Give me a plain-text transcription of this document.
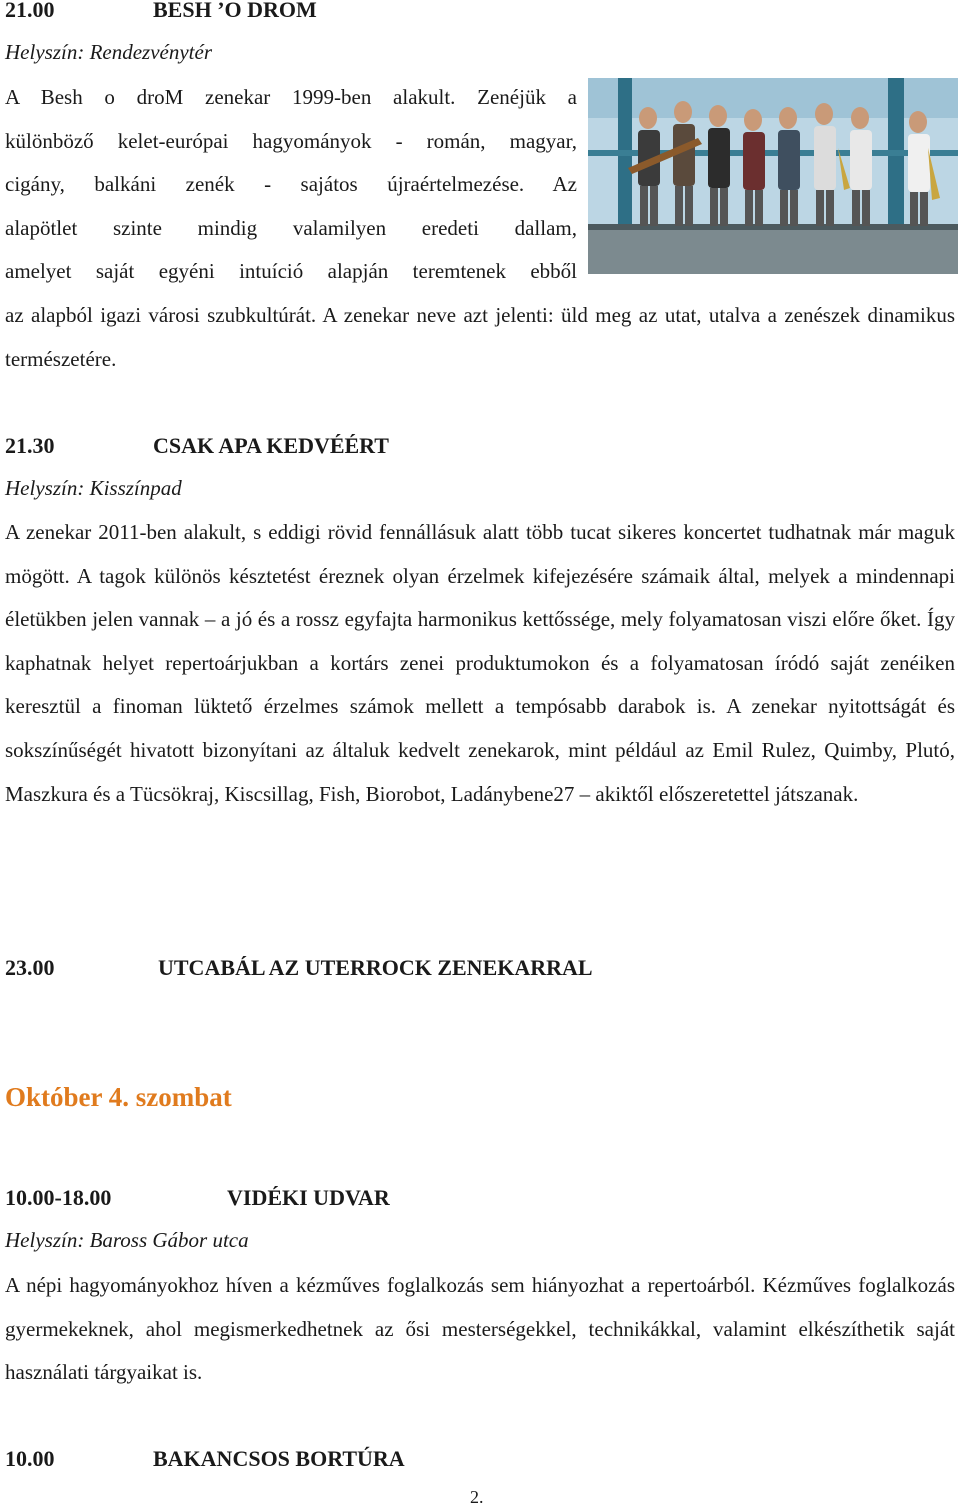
21.00	BESH ’O DROM
Helyszín: Rendezvénytér

A Besh o droM zenekar 1999-ben alakult. Zenéjük a

különböző kelet-európai hagyományok - román, magyar,

cigány, balkáni zenék - sajátos újraértelmezése. Az

alapötlet szinte mindig valamilyen eredeti dallam,

amelyet saját egyéni intuíció alapján teremtenek ebből

az alapból igazi városi szubkultúrát. A zenekar neve azt jelenti: üld meg az utat, utalva a zenészek dinamikus természetére.

21.30	CSAK APA KEDVÉÉRT
Helyszín: Kisszínpad

A zenekar 2011-ben alakult, s eddigi rövid fennállásuk alatt több tucat sikeres koncertet tudhatnak már maguk mögött. A tagok különös késztetést éreznek olyan érzelmek kifejezésére számaik által, melyek a mindennapi életükben jelen vannak – a jó és a rossz egyfajta harmonikus kettőssége, mely folyamatosan viszi előre őket. Így kaphatnak helyet repertoárjukban a kortárs zenei produktumokon és a folyamatosan íródó saját zenéiken keresztül a finoman lüktető érzelmes számok mellett a tempósabb darabok is. A zenekar nyitottságát és sokszínűségét hivatott bizonyítani az általuk kedvelt zenekarok, mint például az Emil Rulez, Quimby, Plutó, Maszkura és a Tücsökraj, Kiscsillag, Fish, Biorobot, Ladánybene27 – akiktől előszeretettel játszanak.

23.00	UTCABÁL AZ UTERROCK ZENEKARRAL
Október 4. szombat
10.00-18.00	VIDÉKI UDVAR
Helyszín: Baross Gábor utca

A népi hagyományokhoz híven a kézműves foglalkozás sem hiányozhat a repertoárból. Kézműves foglalkozás gyermekeknek, ahol megismerkedhetnek az ősi mesterségekkel, technikákkal, valamint elkészíthetik saját használati tárgyaikat is.

10.00	BAKANCSOS BORTÚRA
2.
